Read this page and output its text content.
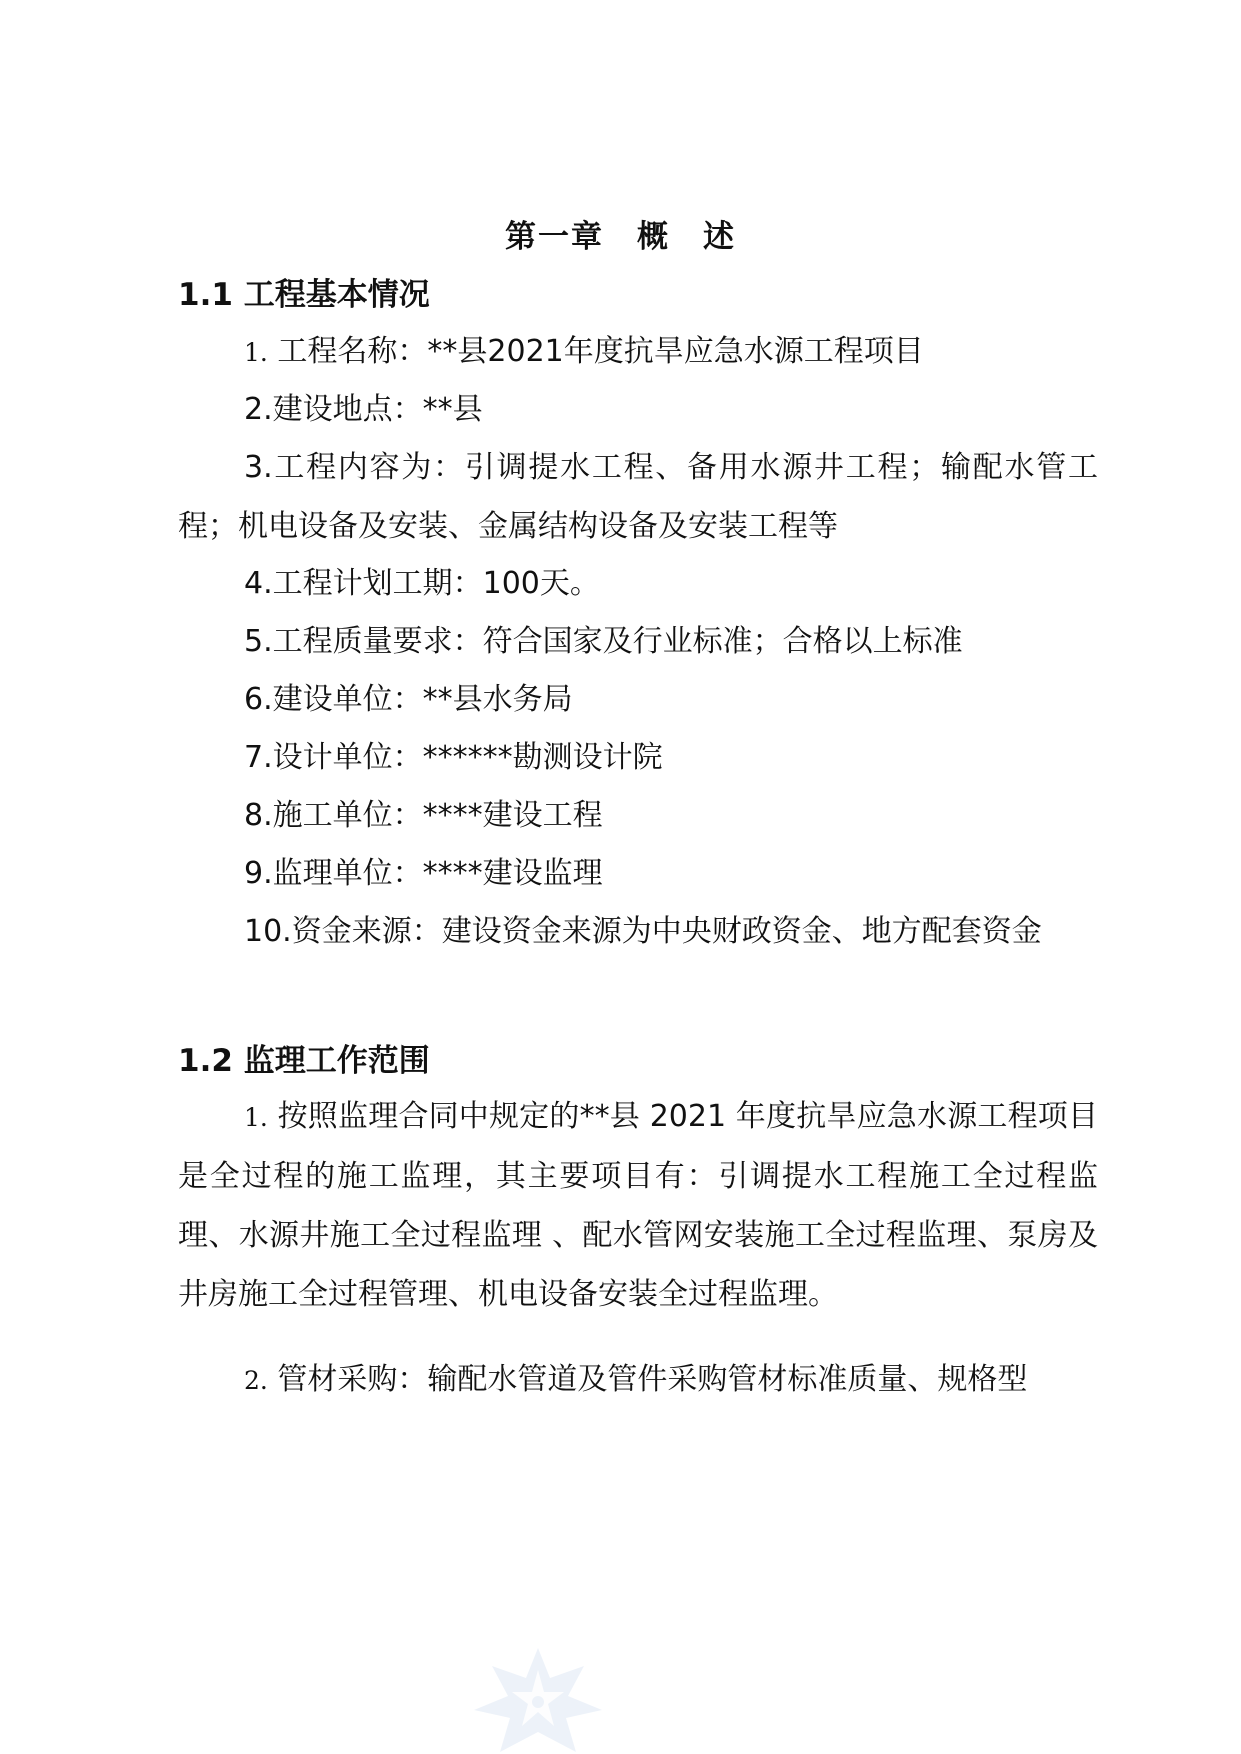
第一章　概　述
1.1 工程基本情况

1. 工程名称：**县2021年度抗旱应急水源工程项目

2.建设地点：**县

3.工程内容为：引调提水工程、备用水源井工程；输配水管工程；机电设备及安装、金属结构设备及安装工程等

4.工程计划工期：100天。

5.工程质量要求：符合国家及行业标准；合格以上标准

6.建设单位：**县水务局

7.设计单位：******勘测设计院

8.施工单位：****建设工程

9.监理单位：****建设监理

10.资金来源：建设资金来源为中央财政资金、地方配套资金

1.2 监理工作范围

1. 按照监理合同中规定的**县 2021 年度抗旱应急水源工程项目是全过程的施工监理，其主要项目有：引调提水工程施工全过程监理、水源井施工全过程监理 、配水管网安装施工全过程监理、泵房及井房施工全过程管理、机电设备安装全过程监理。

2. 管材采购：输配水管道及管件采购管材标准质量、规格型
